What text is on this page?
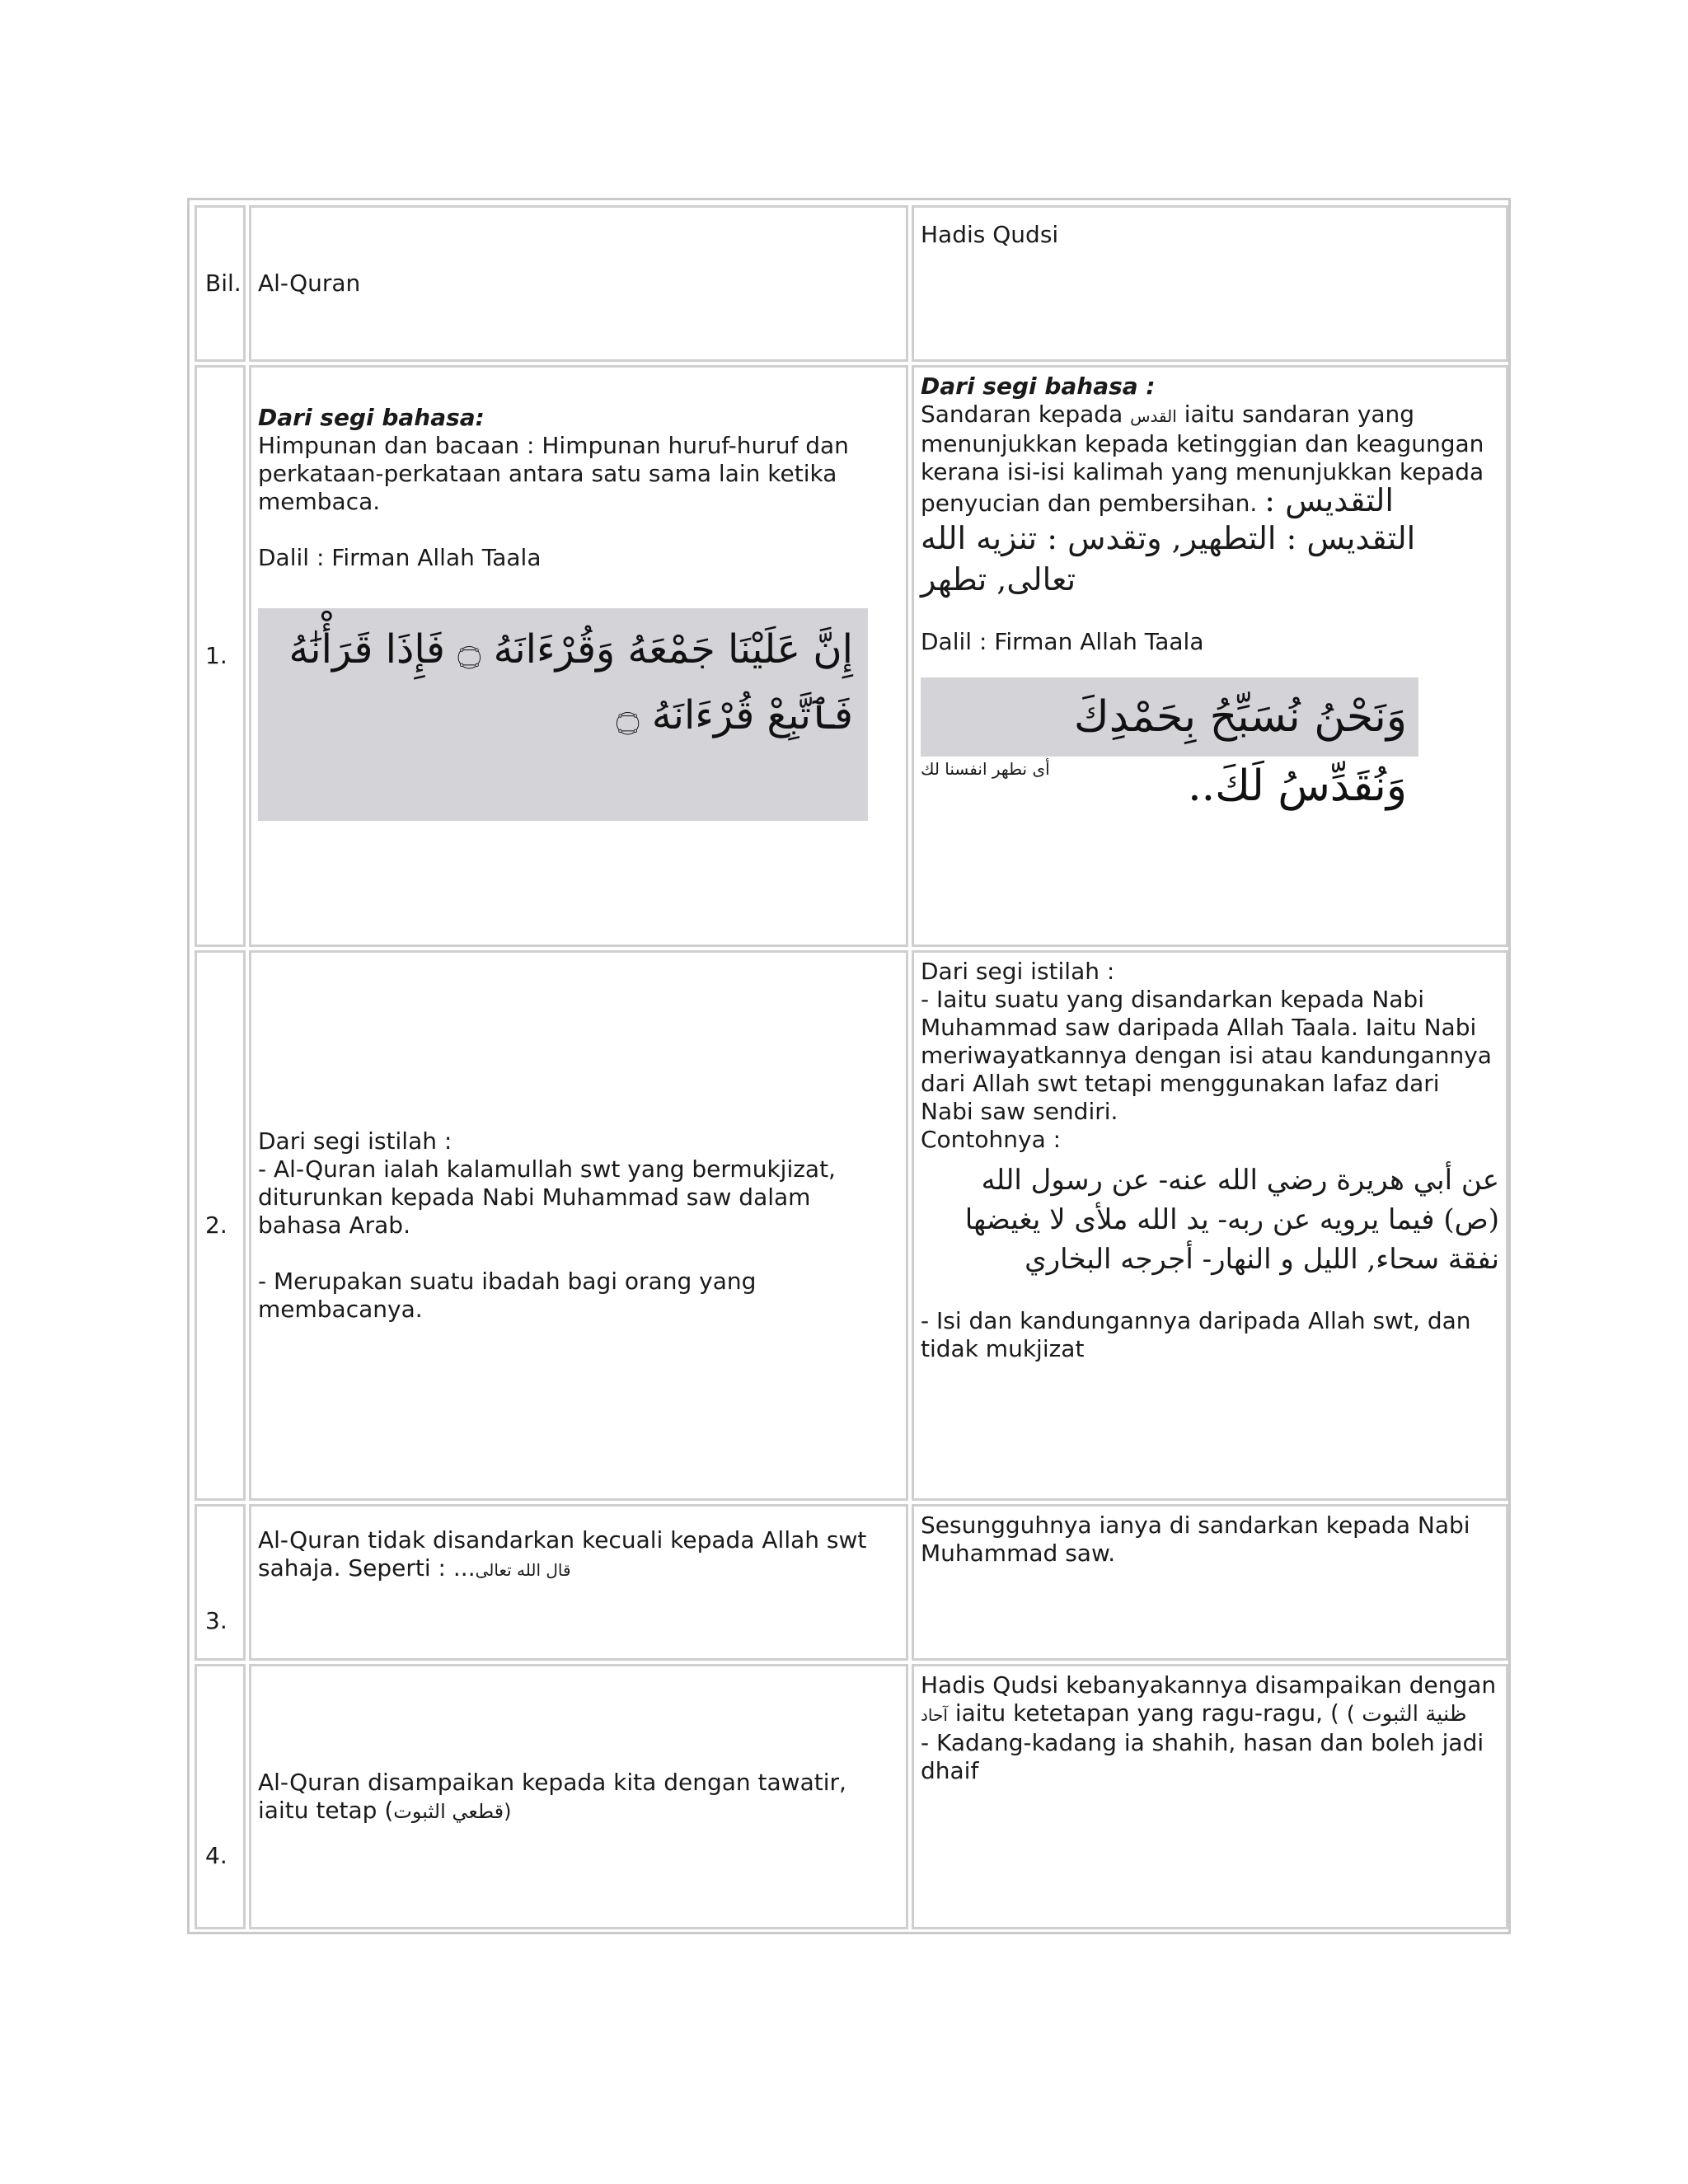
Bil. Al-Quran
Hadis Qudsi
1.

Dari segi bahasa:

Himpunan dan bacaan : Himpunan huruf-huruf dan perkataan-perkataan antara satu sama lain ketika membaca.

Dalil : Firman Allah Taala

إِنَّ عَلَيْنَا جَمْعَهُ وَقُرْءَانَهُ ۝ فَإِذَا قَرَأْنَٰهُ فَٱتَّبِعْ قُرْءَانَهُ ۝

Dari segi bahasa :

Sandaran kepada القدس iaitu sandaran yang menunjukkan kepada ketinggian dan keagungan kerana isi-isi kalimah yang menunjukkan kepada penyucian dan pembersihan. : التقديس

التقديس : التطهير, وتقدس : تنزيه الله تعالى, تطهر

Dalil : Firman Allah Taala

وَنَحْنُ نُسَبِّحُ بِحَمْدِكَ وَنُقَدِّسُ لَكَ..

أى نطهر انفسنا لك

2.

Dari segi istilah :

- Al-Quran ialah kalamullah swt yang bermukjizat, diturunkan kepada Nabi Muhammad saw dalam bahasa Arab.

- Merupakan suatu ibadah bagi orang yang membacanya.

Dari segi istilah :

- Iaitu suatu yang disandarkan kepada Nabi Muhammad saw daripada Allah Taala. Iaitu Nabi meriwayatkannya dengan isi atau kandungannya dari Allah swt tetapi menggunakan lafaz dari Nabi saw sendiri.

Contohnya :

عن أبي هريرة رضي الله عنه- عن رسول الله (ص) فيما يرويه عن ربه- يد الله ملأى لا يغيضها نفقة سحاء, الليل و النهار- أجرجه البخاري

- Isi dan kandungannya daripada Allah swt, dan tidak mukjizat

3.

Al-Quran tidak disandarkan kecuali kepada Allah swt sahaja. Seperti : ...قال الله تعالى

Sesungguhnya ianya di sandarkan kepada Nabi Muhammad saw.

4.

Al-Quran disampaikan kepada kita dengan tawatir, iaitu tetap ((قطعي الثبوت

Hadis Qudsi kebanyakannya disampaikan dengan آحاد iaitu ketetapan yang ragu-ragu, ( ظنية الثبوت )

- Kadang-kadang ia shahih, hasan dan boleh jadi dhaif
